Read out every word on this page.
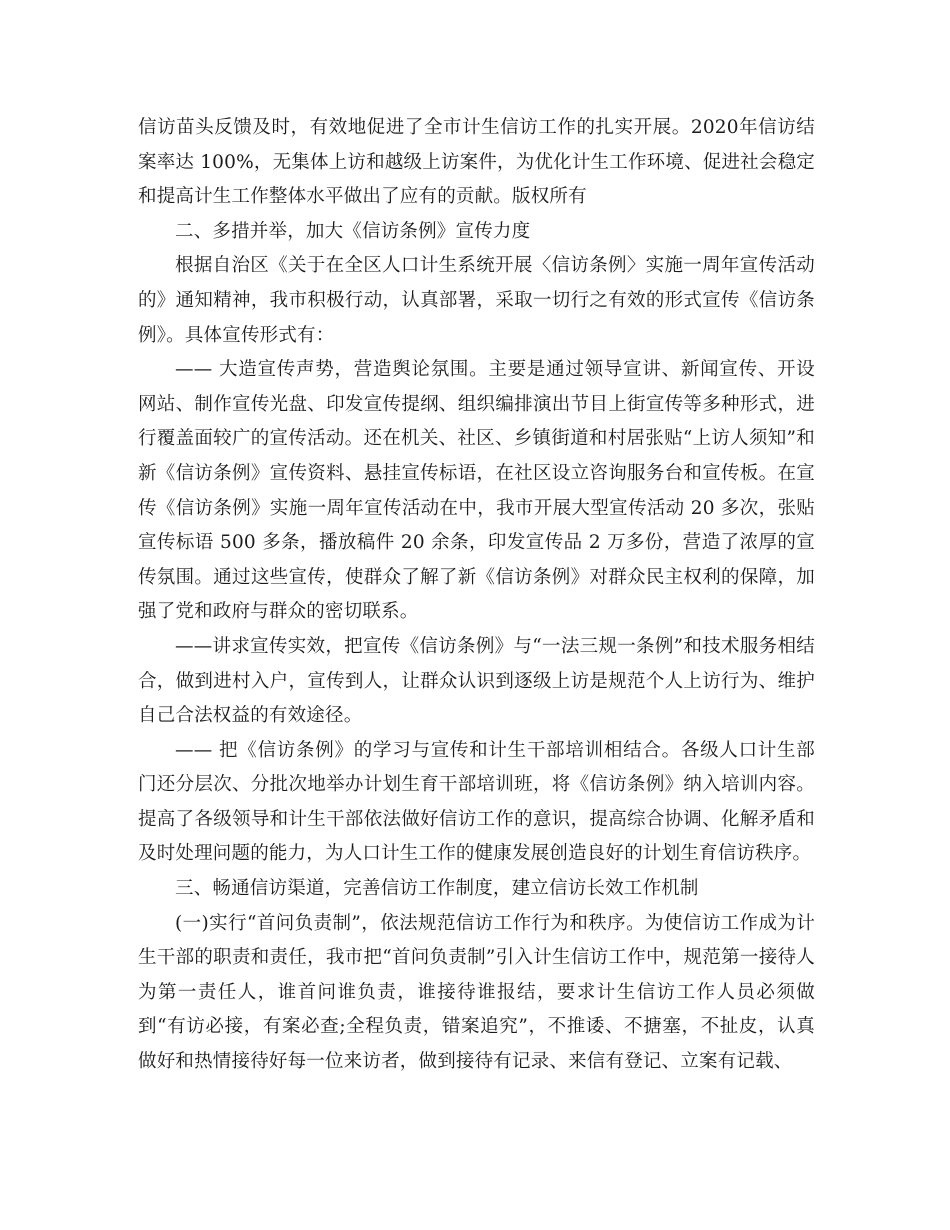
信访苗头反馈及时，有效地促进了全市计生信访工作的扎实开展。2020年信访结案率达 100%，无集体上访和越级上访案件，为优化计生工作环境、促进社会稳定和提高计生工作整体水平做出了应有的贡献。版权所有

二、多措并举，加大《信访条例》宣传力度

根据自治区《关于在全区人口计生系统开展〈信访条例〉实施一周年宣传活动的》通知精神，我市积极行动，认真部署，采取一切行之有效的形式宣传《信访条例》。具体宣传形式有：

—— 大造宣传声势，营造舆论氛围。主要是通过领导宣讲、新闻宣传、开设网站、制作宣传光盘、印发宣传提纲、组织编排演出节目上街宣传等多种形式，进行覆盖面较广的宣传活动。还在机关、社区、乡镇街道和村居张贴“上访人须知”和新《信访条例》宣传资料、悬挂宣传标语，在社区设立咨询服务台和宣传板。在宣传《信访条例》实施一周年宣传活动在中，我市开展大型宣传活动 20 多次，张贴宣传标语 500 多条，播放稿件 20 余条，印发宣传品 2 万多份，营造了浓厚的宣传氛围。通过这些宣传，使群众了解了新《信访条例》对群众民主权利的保障，加强了党和政府与群众的密切联系。

——讲求宣传实效，把宣传《信访条例》与“一法三规一条例”和技术服务相结合，做到进村入户，宣传到人，让群众认识到逐级上访是规范个人上访行为、维护自己合法权益的有效途径。

—— 把《信访条例》的学习与宣传和计生干部培训相结合。各级人口计生部门还分层次、分批次地举办计划生育干部培训班，将《信访条例》纳入培训内容。提高了各级领导和计生干部依法做好信访工作的意识，提高综合协调、化解矛盾和及时处理问题的能力，为人口计生工作的健康发展创造良好的计划生育信访秩序。

三、畅通信访渠道，完善信访工作制度，建立信访长效工作机制

(一)实行“首问负责制”，依法规范信访工作行为和秩序。为使信访工作成为计生干部的职责和责任，我市把“首问负责制”引入计生信访工作中，规范第一接待人为第一责任人，谁首问谁负责，谁接待谁报结，要求计生信访工作人员必须做到“有访必接，有案必查;全程负责，错案追究”，不推诿、不搪塞，不扯皮，认真做好和热情接待好每一位来访者，做到接待有记录、来信有登记、立案有记载、
